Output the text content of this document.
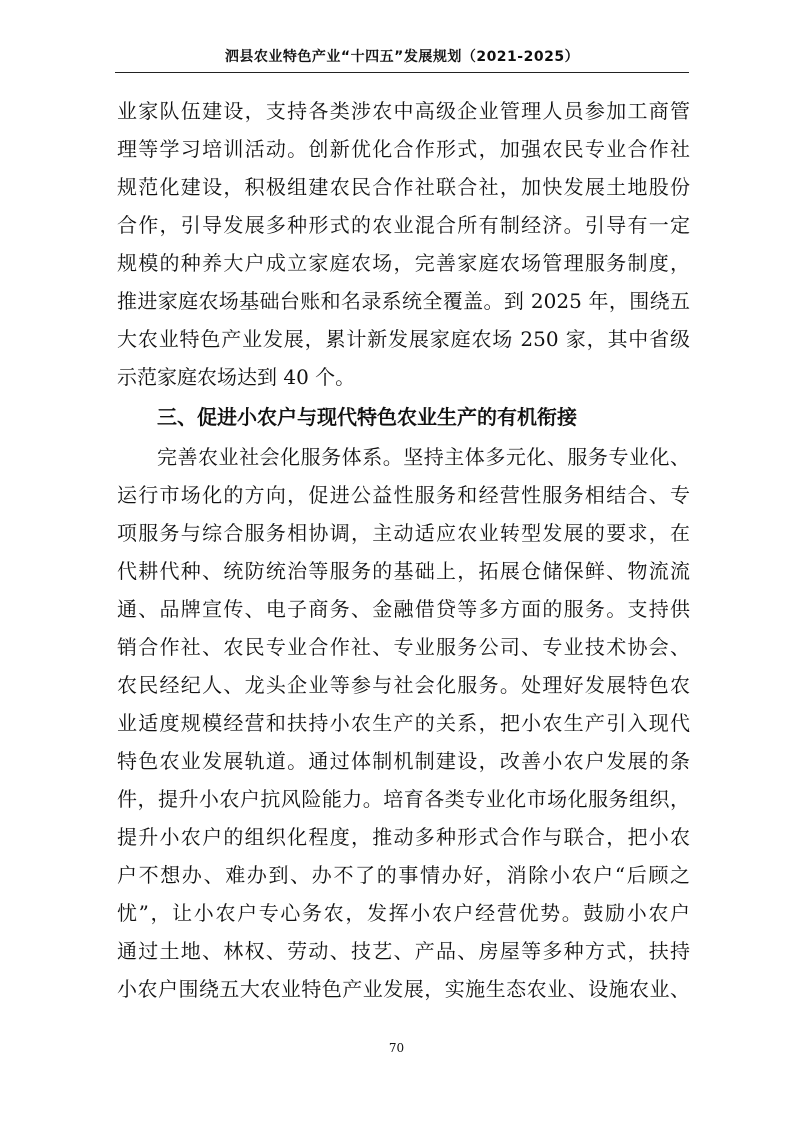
泗县农业特色产业“十四五”发展规划（2021-2025）
业家队伍建设，支持各类涉农中高级企业管理人员参加工商管
理等学习培训活动。创新优化合作形式，加强农民专业合作社
规范化建设，积极组建农民合作社联合社，加快发展土地股份
合作，引导发展多种形式的农业混合所有制经济。引导有一定
规模的种养大户成立家庭农场，完善家庭农场管理服务制度，
推进家庭农场基础台账和名录系统全覆盖。到 2025 年，围绕五
大农业特色产业发展，累计新发展家庭农场 250 家，其中省级
示范家庭农场达到 40 个。
三、促进小农户与现代特色农业生产的有机衔接
完善农业社会化服务体系。坚持主体多元化、服务专业化、
运行市场化的方向，促进公益性服务和经营性服务相结合、专
项服务与综合服务相协调，主动适应农业转型发展的要求，在
代耕代种、统防统治等服务的基础上，拓展仓储保鲜、物流流
通、品牌宣传、电子商务、金融借贷等多方面的服务。支持供
销合作社、农民专业合作社、专业服务公司、专业技术协会、
农民经纪人、龙头企业等参与社会化服务。处理好发展特色农
业适度规模经营和扶持小农生产的关系，把小农生产引入现代
特色农业发展轨道。通过体制机制建设，改善小农户发展的条
件，提升小农户抗风险能力。培育各类专业化市场化服务组织，
提升小农户的组织化程度，推动多种形式合作与联合，把小农
户不想办、难办到、办不了的事情办好，消除小农户“后顾之
忧”，让小农户专心务农，发挥小农户经营优势。鼓励小农户
通过土地、林权、劳动、技艺、产品、房屋等多种方式，扶持
小农户围绕五大农业特色产业发展，实施生态农业、设施农业、
70
